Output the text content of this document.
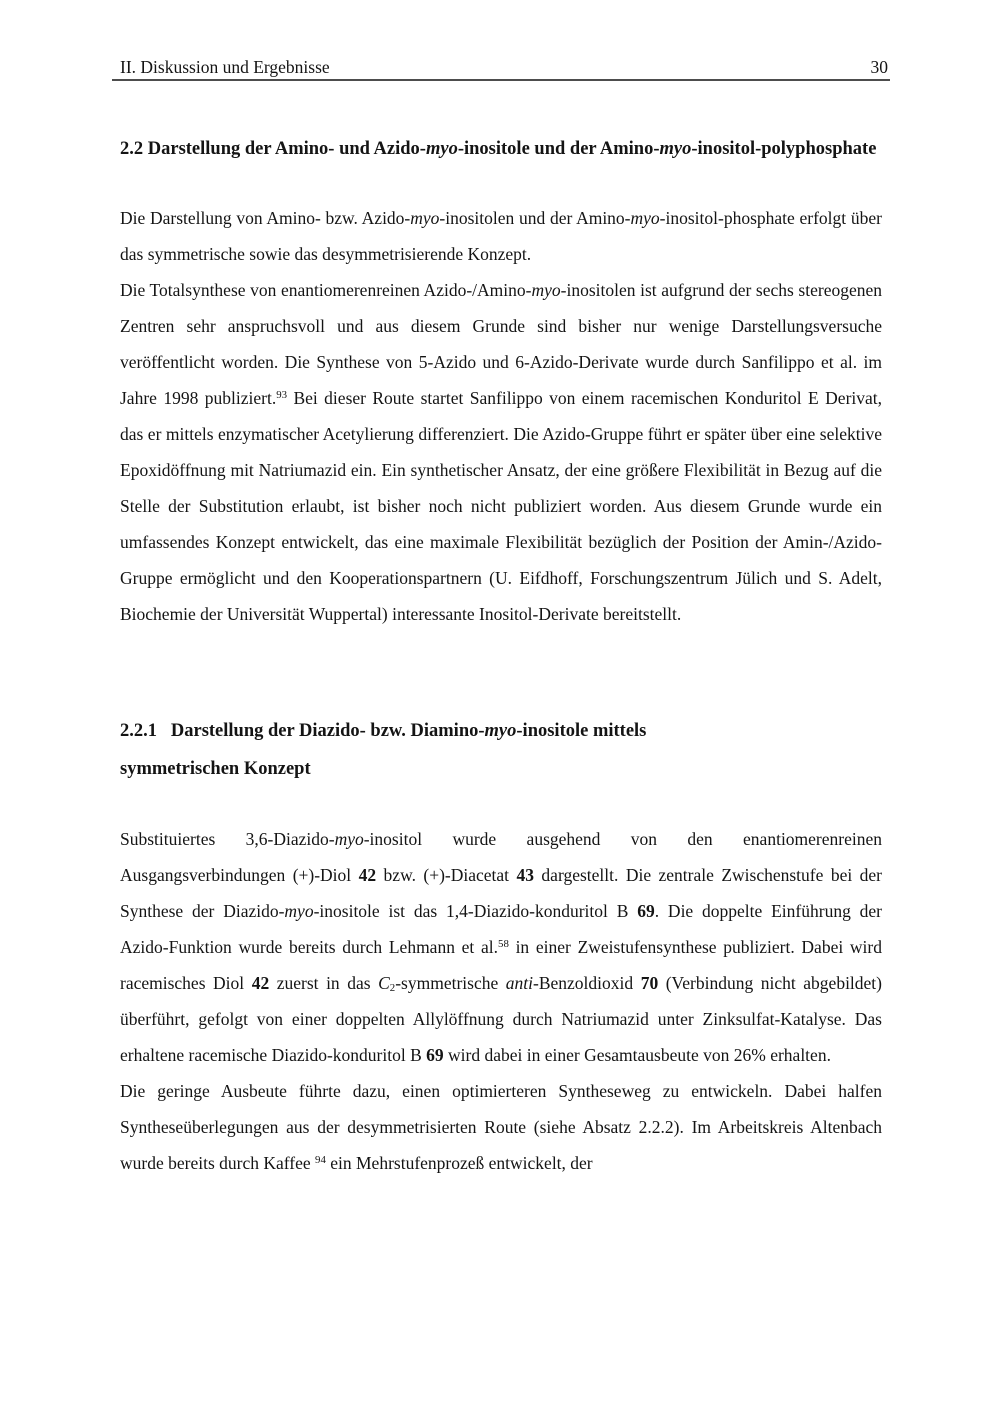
II. Diskussion und Ergebnisse	30
2.2 Darstellung der Amino- und Azido-myo-inositole und der Amino-myo-inositol-polyphosphate
Die Darstellung von Amino- bzw. Azido-myo-inositolen und der Amino-myo-inositol-phosphate erfolgt über das symmetrische sowie das desymmetrisierende Konzept.
Die Totalsynthese von enantiomerenreinen Azido-/Amino-myo-inositolen ist aufgrund der sechs stereogenen Zentren sehr anspruchsvoll und aus diesem Grunde sind bisher nur wenige Darstellungsversuche veröffentlicht worden. Die Synthese von 5-Azido und 6-Azido-Derivate wurde durch Sanfilippo et al. im Jahre 1998 publiziert.$^{93}$ Bei dieser Route startet Sanfilippo von einem racemischen Konduritol E Derivat, das er mittels enzymatischer Acetylierung differenziert. Die Azido-Gruppe führt er später über eine selektive Epoxidöffnung mit Natriumazid ein. Ein synthetischer Ansatz, der eine größere Flexibilität in Bezug auf die Stelle der Substitution erlaubt, ist bisher noch nicht publiziert worden. Aus diesem Grunde wurde ein umfassendes Konzept entwickelt, das eine maximale Flexibilität bezüglich der Position der Amin-/Azido-Gruppe ermöglicht und den Kooperationspartnern (U. Eifdhoff, Forschungszentrum Jülich und S. Adelt, Biochemie der Universität Wuppertal) interessante Inositol-Derivate bereitstellt.
2.2.1  Darstellung der Diazido- bzw. Diamino-myo-inositole mittels
symmetrischen Konzept
Substituiertes 3,6-Diazido-myo-inositol wurde ausgehend von den enantiomerenreinen Ausgangsverbindungen (+)-Diol 42 bzw. (+)-Diacetat 43 dargestellt. Die zentrale Zwischenstufe bei der Synthese der Diazido-myo-inositole ist das 1,4-Diazido-konduritol B 69. Die doppelte Einführung der Azido-Funktion wurde bereits durch Lehmann et al.$^{58}$ in einer Zweistufensynthese publiziert. Dabei wird racemisches Diol 42 zuerst in das $C_2$-symmetrische anti-Benzoldioxid 70 (Verbindung nicht abgebildet) überführt, gefolgt von einer doppelten Allylöffnung durch Natriumazid unter Zinksulfat-Katalyse. Das erhaltene racemische Diazido-konduritol B 69 wird dabei in einer Gesamtausbeute von 26% erhalten.
Die geringe Ausbeute führte dazu, einen optimierteren Syntheseweg zu entwickeln. Dabei halfen Syntheseüberlegungen aus der desymmetrisierten Route (siehe Absatz 2.2.2). Im Arbeitskreis Altenbach wurde bereits durch Kaffee $^{94}$ ein Mehrstufenprozeß entwickelt, der
